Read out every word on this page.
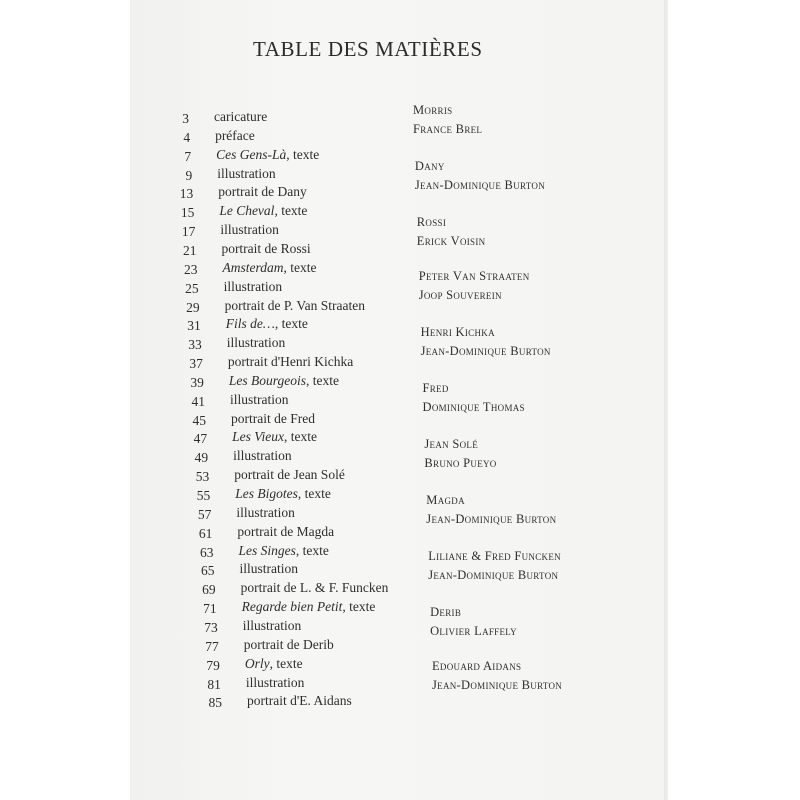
TABLE DES MATIÈRES
3 caricature
4 préface
7 Ces Gens-Là, texte
9 illustration
13 portrait de Dany
15 Le Cheval, texte
17 illustration
21 portrait de Rossi
23 Amsterdam, texte
25 illustration
29 portrait de P. Van Straaten
31 Fils de…, texte
33 illustration
37 portrait d'Henri Kichka
39 Les Bourgeois, texte
41 illustration
45 portrait de Fred
47 Les Vieux, texte
49 illustration
53 portrait de Jean Solé
55 Les Bigotes, texte
57 illustration
61 portrait de Magda
63 Les Singes, texte
65 illustration
69 portrait de L. & F. Funcken
71 Regarde bien Petit, texte
73 illustration
77 portrait de Derib
79 Orly, texte
81 illustration
85 portrait d'E. Aidans
Morris
France Brel
Dany
Jean-Dominique Burton
Rossi
Erick Voisin
Peter Van Straaten
Joop Souverein
Henri Kichka
Jean-Dominique Burton
Fred
Dominique Thomas
Jean Solé
Bruno Pueyo
Magda
Jean-Dominique Burton
Liliane & Fred Funcken
Jean-Dominique Burton
Derib
Olivier Laffely
Edouard Aidans
Jean-Dominique Burton
